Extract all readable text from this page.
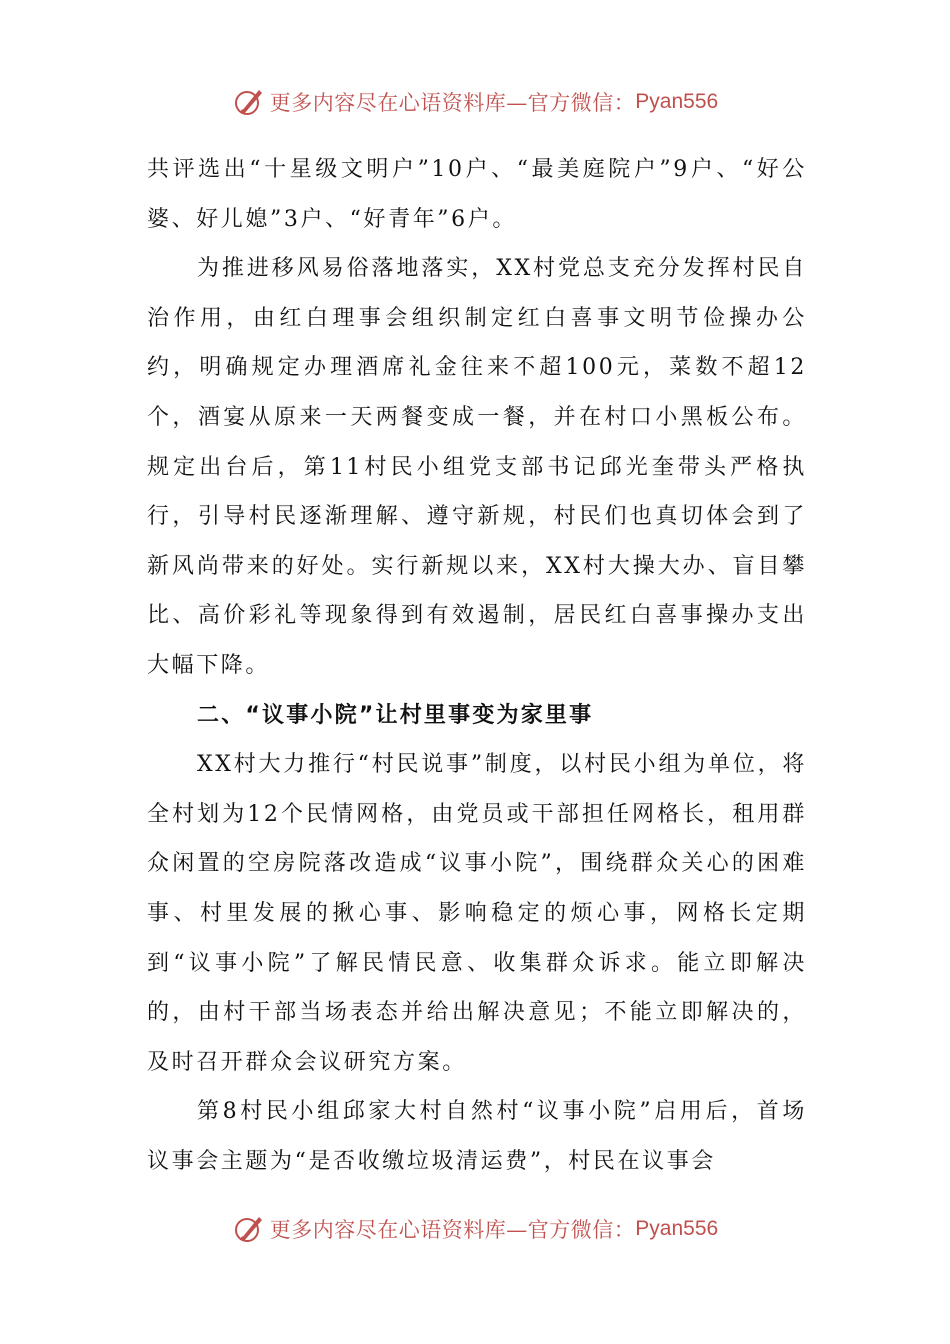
更多内容尽在心语资料库—官方微信： Pyan556

共评选出“十星级文明户”10户、“最美庭院户”9户、“好公婆、好儿媳”3户、“好青年”6户。

为推进移风易俗落地落实，XX村党总支充分发挥村民自治作用，由红白理事会组织制定红白喜事文明节俭操办公约，明确规定办理酒席礼金往来不超100元，菜数不超12个，酒宴从原来一天两餐变成一餐，并在村口小黑板公布。规定出台后，第11村民小组党支部书记邱光奎带头严格执行，引导村民逐渐理解、遵守新规，村民们也真切体会到了新风尚带来的好处。实行新规以来，XX村大操大办、盲目攀比、高价彩礼等现象得到有效遏制，居民红白喜事操办支出大幅下降。

二、“议事小院”让村里事变为家里事

XX村大力推行“村民说事”制度，以村民小组为单位，将全村划为12个民情网格，由党员或干部担任网格长，租用群众闲置的空房院落改造成“议事小院”，围绕群众关心的困难事、村里发展的揪心事、影响稳定的烦心事，网格长定期到“议事小院”了解民情民意、收集群众诉求。能立即解决的，由村干部当场表态并给出解决意见；不能立即解决的，及时召开群众会议研究方案。

第8村民小组邱家大村自然村“议事小院”启用后，首场议事会主题为“是否收缴垃圾清运费”，村民在议事会

更多内容尽在心语资料库—官方微信： Pyan556
